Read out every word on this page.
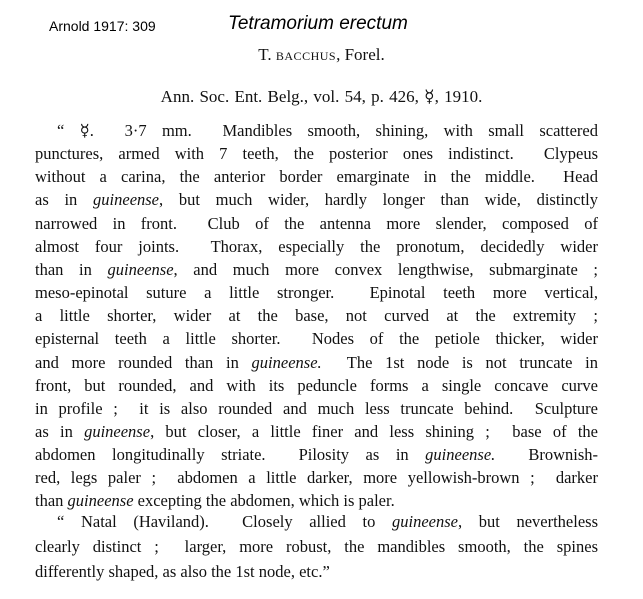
Arnold 1917: 309	Tetramorium erectum
T. bacchus, Forel.
Ann. Soc. Ent. Belg., vol. 54, p. 426, ☿, 1910.
“ ☿.  3·7 mm.  Mandibles smooth, shining, with small scattered
punctures, armed with 7 teeth, the posterior ones indistinct.  Clypeus
without a carina, the anterior border emarginate in the middle.  Head
as in guineense, but much wider, hardly longer than wide, distinctly
narrowed in front.  Club of the antenna more slender, composed of
almost four joints.  Thorax, especially the pronotum, decidedly wider
than in guineense, and much more convex lengthwise, submarginate ;
meso-epinotal suture a little stronger.  Epinotal teeth more vertical,
a little shorter, wider at the base, not curved at the extremity ;
episternal teeth a little shorter.  Nodes of the petiole thicker, wider
and more rounded than in guineense.  The 1st node is not truncate in
front, but rounded, and with its peduncle forms a single concave curve
in profile ;  it is also rounded and much less truncate behind.  Sculpture
as in guineense, but closer, a little finer and less shining ;  base of the
abdomen longitudinally striate.  Pilosity as in guineense.  Brownish-
red, legs paler ;  abdomen a little darker, more yellowish-brown ;  darker
than guineense excepting the abdomen, which is paler.
“ Natal (Haviland).  Closely allied to guineense, but nevertheless
clearly distinct ;  larger, more robust, the mandibles smooth, the spines
differently shaped, as also the 1st node, etc.”
